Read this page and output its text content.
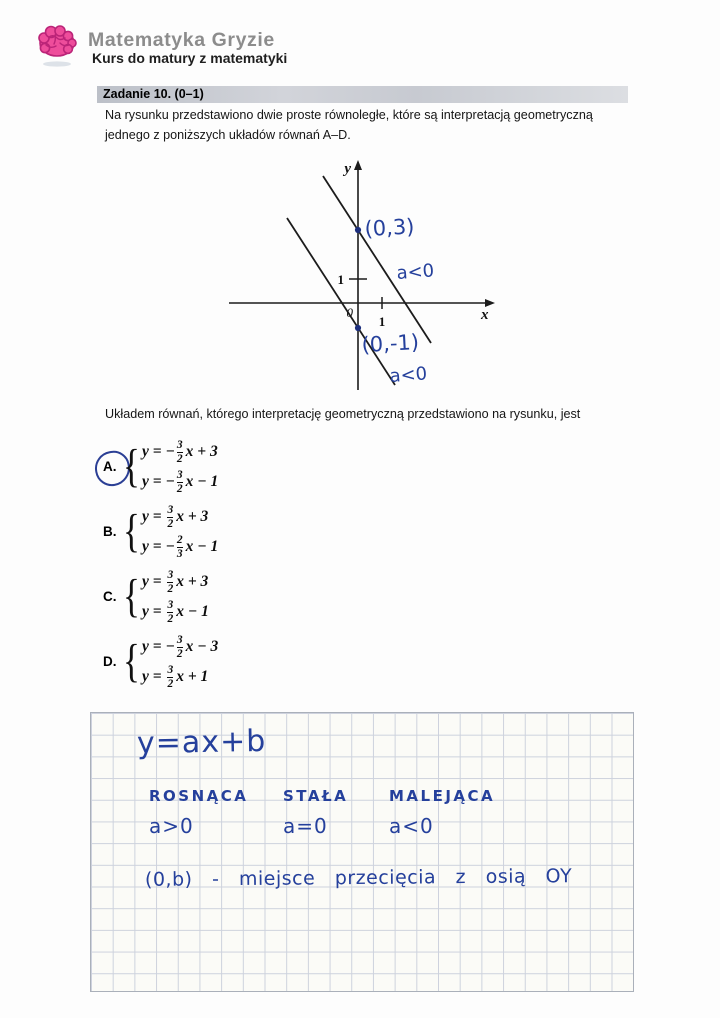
Matematyka Gryzie
Kurs do matury z matematyki
Zadanie 10. (0–1)
Na rysunku przedstawiono dwie proste równoległe, które są interpretacją geometryczną
jednego z poniższych układów równań A–D.
y
x
0
1
1
(0,3)
a<0
(0,-1)
a<0
Układem równań, którego interpretację geometryczną przedstawiono na rysunku, jest
A. { y = − $\frac{3}{2}$ x + 3
y = − $\frac{3}{2}$ x − 1
B. { $y = \frac{3}{2}$ x + 3
y = − $\frac{2}{3}$ x − 1
C. { $y = \frac{3}{2}$ x + 3
$y = \frac{3}{2}$ x − 1
D. { y = − $\frac{3}{2}$ x − 3
$y = \frac{3}{2}$ x + 1
y=ax+b
ROSNĄCA
a>0
STAŁA
a=0
MALEJĄCA
a<0
(0,b) - miejsce przecięcia z osią OY
